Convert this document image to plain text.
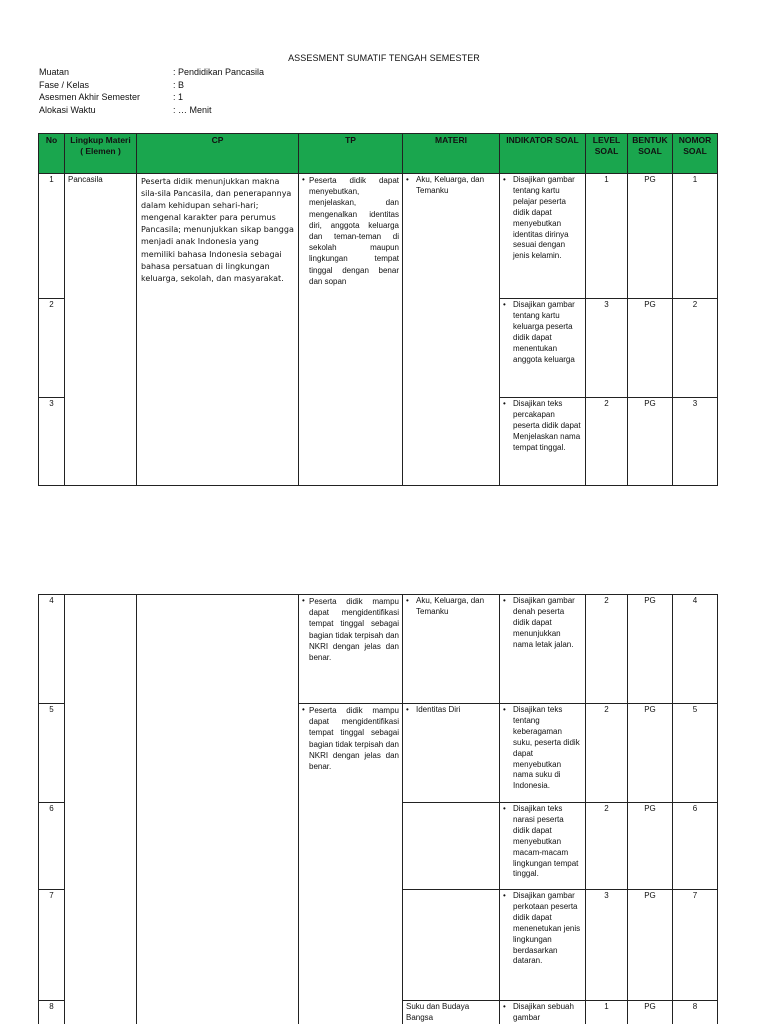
ASSESMENT SUMATIF TENGAH SEMESTER
Muatan	: Pendidikan Pancasila
Fase / Kelas	: B
Asesmen Akhir Semester	: 1
Alokasi Waktu	: … Menit
No	Lingkup Materi ( Elemen )	CP	TP	MATERI	INDIKATOR SOAL	LEVEL SOAL	BENTUK SOAL	NOMOR SOAL
1	Pancasila	Peserta didik menunjukkan makna sila-sila Pancasila, dan penerapannya dalam kehidupan sehari-hari; mengenal karakter para perumus Pancasila; menunjukkan sikap bangga menjadi anak Indonesia yang memiliki bahasa Indonesia sebagai bahasa persatuan di lingkungan keluarga, sekolah, dan masyarakat.	• Peserta didik dapat menyebutkan, menjelaskan, dan mengenalkan identitas diri, anggota keluarga dan teman-teman di sekolah maupun lingkungan tempat tinggal dengan benar dan sopan	• Aku, Keluarga, dan Temanku	• Disajikan gambar tentang kartu pelajar peserta didik dapat menyebutkan identitas dirinya sesuai dengan jenis kelamin.	1	PG	1
2					• Disajikan gambar tentang kartu keluarga peserta didik dapat menentukan anggota keluarga	3	PG	2
3					• Disajikan teks percakapan peserta didik dapat Menjelaskan nama tempat tinggal.	2	PG	3
4			• Peserta didik mampu dapat mengidentifikasi tempat tinggal sebagai bagian tidak terpisah dan NKRI dengan jelas dan benar.	• Aku, Keluarga, dan Temanku	• Disajikan gambar denah peserta didik dapat menunjukkan nama letak jalan.	2	PG	4
5			• Peserta didik mampu dapat mengidentifikasi tempat tinggal sebagai bagian tidak terpisah dan NKRI dengan jelas dan benar.	• Identitas Diri	• Disajikan teks tentang keberagaman suku, peserta didik dapat menyebutkan nama suku di Indonesia.	2	PG	5
6					• Disajikan teks narasi peserta didik dapat menyebutkan macam-macam lingkungan tempat tinggal.	2	PG	6
7					• Disajikan gambar perkotaan peserta didik dapat menenetukan jenis lingkungan berdasarkan dataran.	3	PG	7
8				Suku dan Budaya Bangsa	• Disajikan sebuah gambar	1	PG	8
